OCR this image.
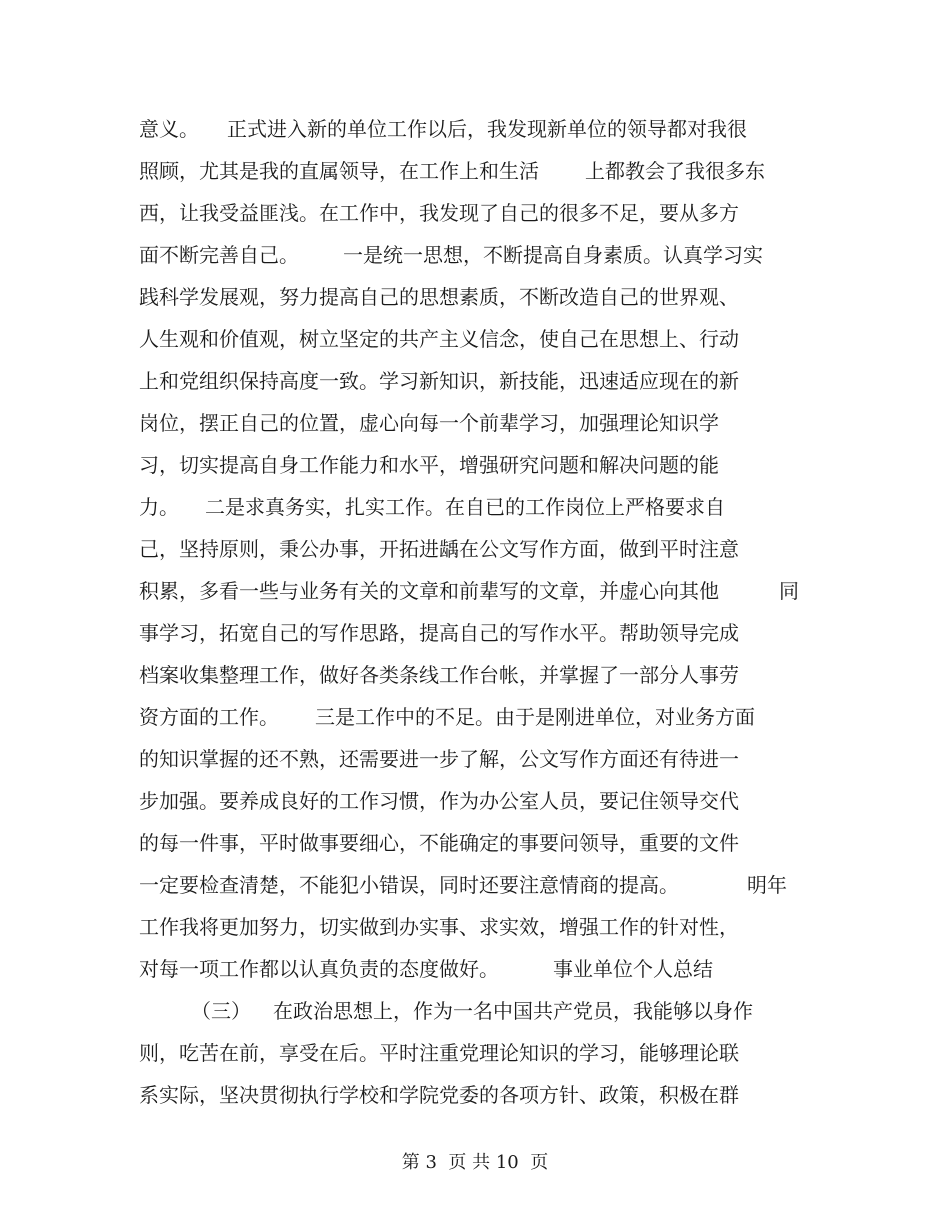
意义。

正式进入新的单位工作以后，我发现新单位的领导都对我很

照顾，尤其是我的直属领导，在工作上和生活

上都教会了我很多东

西，让我受益匪浅。在工作中，我发现了自己的很多不足，要从多方

面不断完善自己。

一是统一思想，不断提高自身素质。认真学习实

践科学发展观，努力提高自己的思想素质，不断改造自己的世界观、

人生观和价值观，树立坚定的共产主义信念，使自己在思想上、行动

上和党组织保持高度一致。学习新知识，新技能，迅速适应现在的新

岗位，摆正自己的位置，虚心向每一个前辈学习，加强理论知识学

习，切实提高自身工作能力和水平，增强研究问题和解决问题的能

力。

二是求真务实，扎实工作。在自已的工作岗位上严格要求自

己，坚持原则，秉公办事，开拓进龋在公文写作方面，做到平时注意

积累，多看一些与业务有关的文章和前辈写的文章，并虚心向其他

	同

事学习，拓宽自己的写作思路，提高自己的写作水平。帮助领导完成

档案收集整理工作，做好各类条线工作台帐，并掌握了一部分人事劳

资方面的工作。

三是工作中的不足。由于是刚进单位，对业务方面

的知识掌握的还不熟，还需要进一步了解，公文写作方面还有待进一

步加强。要养成良好的工作习惯，作为办公室人员，要记住领导交代

的每一件事，平时做事要细心，不能确定的事要问领导，重要的文件

一定要检查清楚，不能犯小错误，同时还要注意情商的提高。

	明年

工作我将更加努力，切实做到办实事、求实效，增强工作的针对性，

对每一项工作都以认真负责的态度做好。

	事业单位个人总结

（三）

在政治思想上，作为一名中国共产党员，我能够以身作

则，吃苦在前，享受在后。平时注重党理论知识的学习，能够理论联

系实际，坚决贯彻执行学校和学院党委的各项方针、政策，积极在群

第 3  页 共 10  页
